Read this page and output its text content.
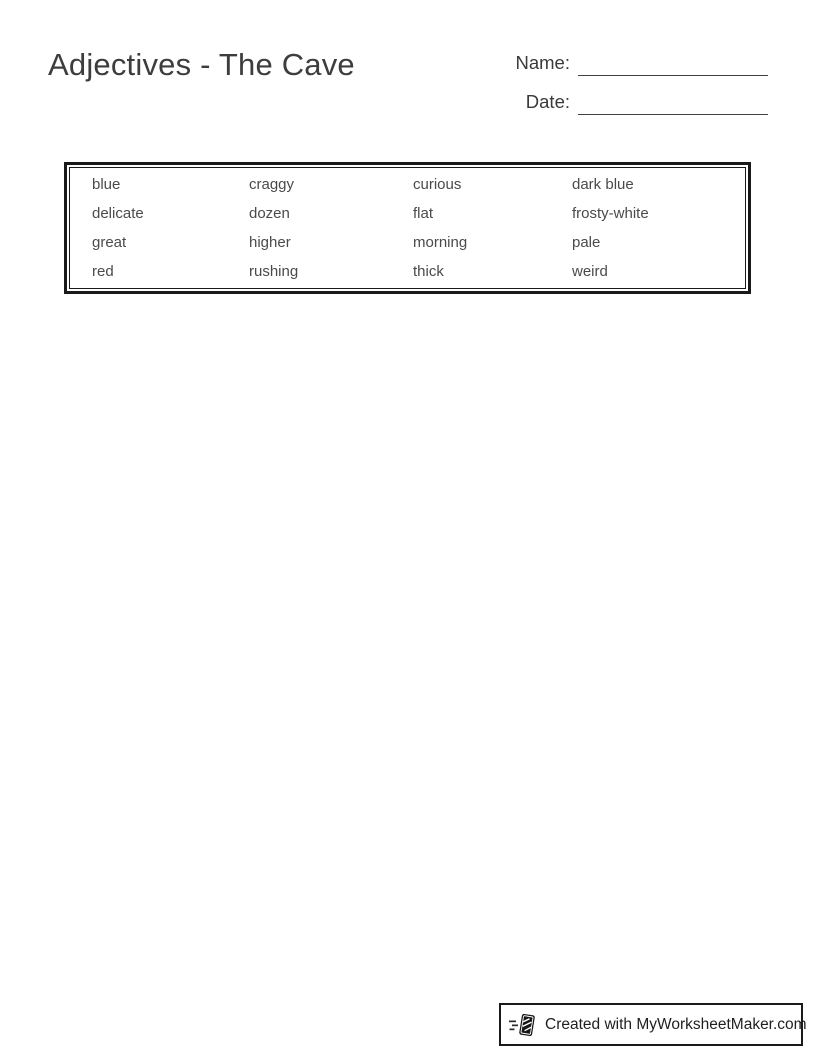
Adjectives - The Cave	Name:
Date:
blue	craggy	curious	dark blue
delicate	dozen	flat	frosty-white
great	higher	morning	pale
red	rushing	thick	weird
Created with MyWorksheetMaker.com
